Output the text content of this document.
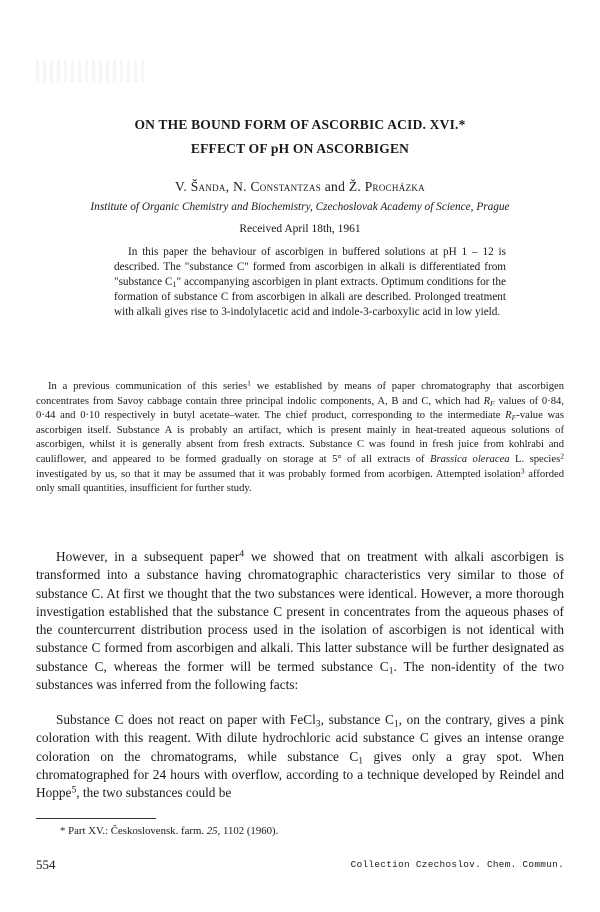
ON THE BOUND FORM OF ASCORBIC ACID. XVI.*
EFFECT OF pH ON ASCORBIGEN
V. Šanda, N. Constantzas and Ž. Procházka
Institute of Organic Chemistry and Biochemistry, Czechoslovak Academy of Science, Prague
Received April 18th, 1961

In this paper the behaviour of ascorbigen in buffered solutions at pH 1 – 12 is described. The "substance C" formed from ascorbigen in alkali is differentiated from "substance $C_1$" accompanying ascorbigen in plant extracts. Optimum conditions for the formation of substance C from ascorbigen in alkali are described. Prolonged treatment with alkali gives rise to 3-indolylacetic acid and indole-3-carboxylic acid in low yield.

In a previous communication of this series$^1$ we established by means of paper chromatography that ascorbigen concentrates from Savoy cabbage contain three principal indolic components, A, B and C, which had $R_F$ values of 0·84, 0·44 and 0·10 respectively in butyl acetate–water. The chief product, corresponding to the intermediate $R_F$-value was ascorbigen itself. Substance A is probably an artifact, which is present mainly in heat-treated aqueous solutions of ascorbigen, whilst it is generally absent from fresh extracts. Substance C was found in fresh juice from kohlrabi and cauliflower, and appeared to be formed gradually on storage at 5° of all extracts of Brassica oleracea L. species$^2$ investigated by us, so that it may be assumed that it was probably formed from acorbigen. Attempted isolation$^3$ afforded only small quantities, insufficient for further study.

However, in a subsequent paper$^4$ we showed that on treatment with alkali ascorbigen is transformed into a substance having chromatographic characteristics very similar to those of substance C. At first we thought that the two substances were identical. However, a more thorough investigation established that the substance C present in concentrates from the aqueous phases of the countercurrent distribution process used in the isolation of ascorbigen is not identical with substance C formed from ascorbigen and alkali. This latter substance will be further designated as substance C, whereas the former will be termed substance $C_1$. The non-identity of the two substances was inferred from the following facts:

Substance C does not react on paper with FeCl$_3$, substance $C_1$, on the contrary, gives a pink coloration with this reagent. With dilute hydrochloric acid substance C gives an intense orange coloration on the chromatograms, while substance $C_1$ gives only a gray spot. When chromatographed for 24 hours with overflow, according to a technique developed by Reindel and Hoppe$^5$, the two substances could be

* Part XV.: Československ. farm. 25, 1102 (1960).
554	Collection Czechoslov. Chem. Commun.
